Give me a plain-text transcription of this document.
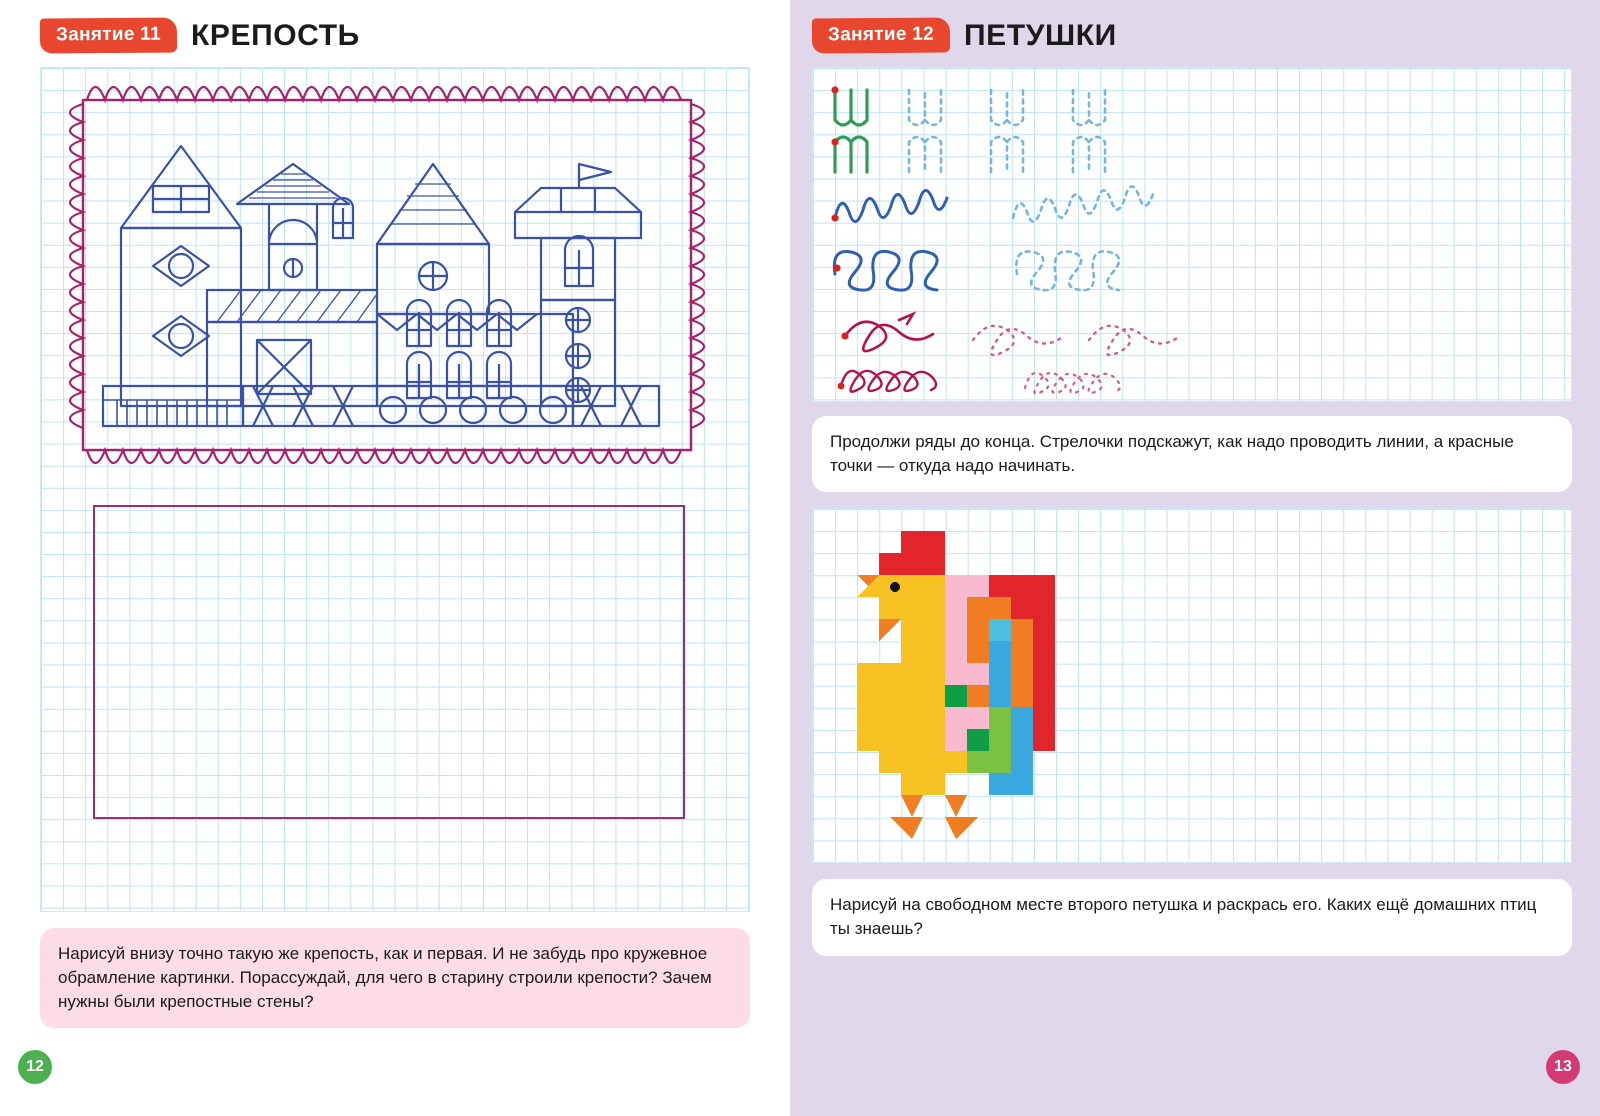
Занятие 11 КРЕПОСТЬ

Нарисуй внизу точно такую же крепость, как и первая. И не забудь про кружевное обрамление картинки. Порассуждай, для чего в старину строили крепости? Зачем нужны были крепостные стены?

12
Занятие 12 ПЕТУШКИ

Продолжи ряды до конца. Стрелочки подскажут, как надо проводить линии, а красные точки — откуда надо начинать.

Нарисуй на свободном месте второго петушка и раскрась его. Каких ещё домашних птиц ты знаешь?

13
